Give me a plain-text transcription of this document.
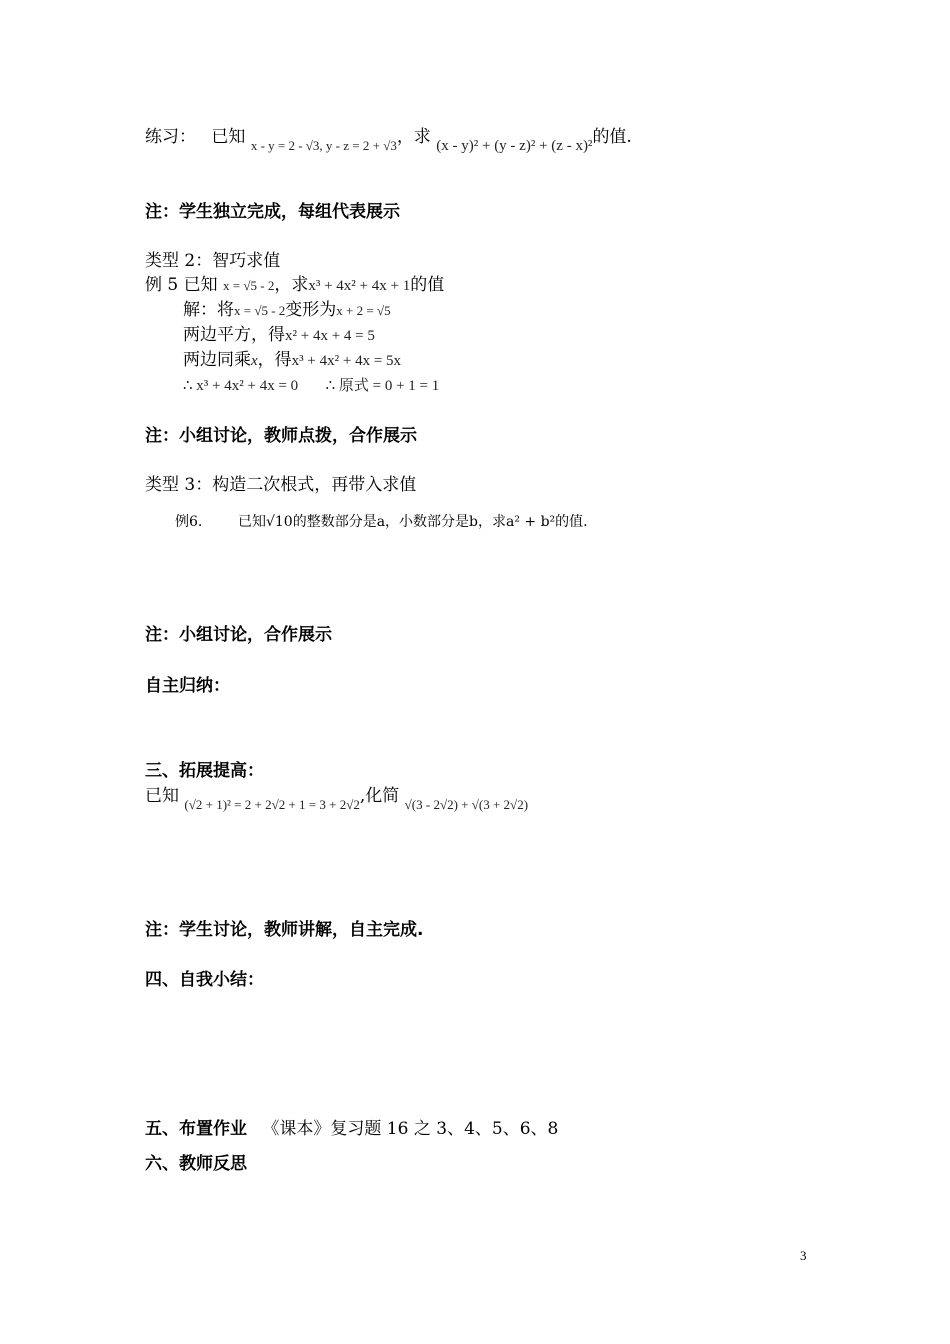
练习： 已知 $_{x - y = 2 - √3, y - z = 2 + √3}$，求 (x - y)² + (y - z)² + (z - x)²的值.
注：学生独立完成，每组代表展示
类型 2：智巧求值
例 5 已知 x = √5 - 2，求x³ + 4x² + 4x + 1的值
解：将x = √5 - 2变形为x + 2 = √5
两边平方，得x² + 4x + 4 = 5
两边同乘x，得x³ + 4x² + 4x = 5x
∴ x³ + 4x² + 4x = 0 ∴ 原式 = 0 + 1 = 1
注：小组讨论，教师点拨，合作展示
类型 3：构造二次根式，再带入求值
例6.        已知√10的整数部分是a，小数部分是b，求a² + b²的值.
注：小组讨论，合作展示
自主归纳：
三、拓展提高：
已知 $_{(√2 + 1)^2 = 2 + 2√2 + 1 = 3 + 2√2}$,化简 $_{√(3 - 2√2) + √(3 + 2√2)}$
注：学生讨论，教师讲解，自主完成.
四、自我小结：
五、布置作业 《课本》复习题 16 之 3、4、5、6、8
六、教师反思
3
